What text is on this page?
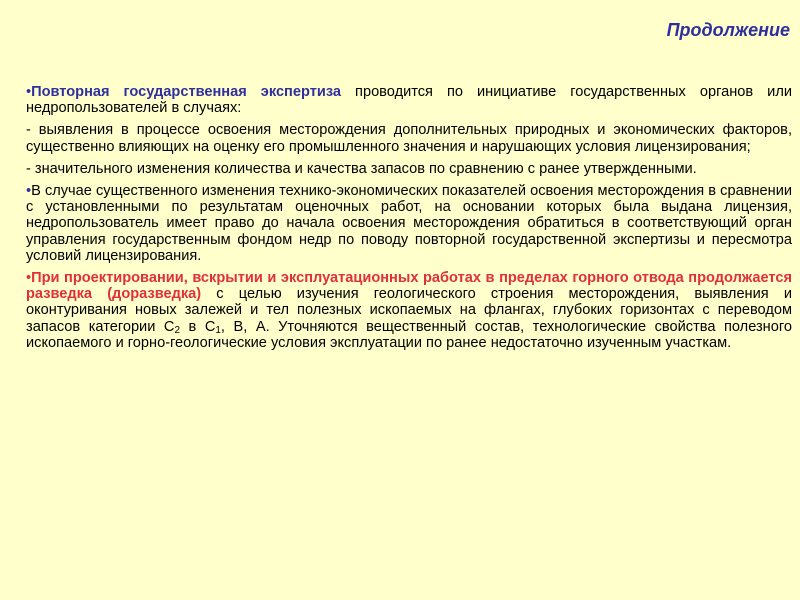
Продолжение

•Повторная государственная экспертиза проводится по инициативе государственных органов или недропользователей в случаях:

- выявления в процессе освоения месторождения дополнительных природных и экономических факторов, существенно влияющих на оценку его промышленного значения и нарушающих условия лицензирования;

- значительного изменения количества и качества запасов по сравнению с ранее утвержденными.

•В случае существенного изменения технико-экономических показателей освоения месторождения в сравнении с установленными по результатам оценочных работ, на основании которых была выдана лицензия, недропользователь имеет право до начала освоения месторождения обратиться в соответствующий орган управления государственным фондом недр по поводу повторной государственной экспертизы и пересмотра условий лицензирования.

•При проектировании, вскрытии и эксплуатационных работах в пределах горного отвода продолжается разведка (доразведка) с целью изучения геологического строения месторождения, выявления и оконтуривания новых залежей и тел полезных ископаемых на флангах, глубоких горизонтах с переводом запасов категории $С_2$ в $С_1$, В, А. Уточняются вещественный состав, технологические свойства полезного ископаемого и горно-геологические условия эксплуатации по ранее недостаточно изученным участкам.
